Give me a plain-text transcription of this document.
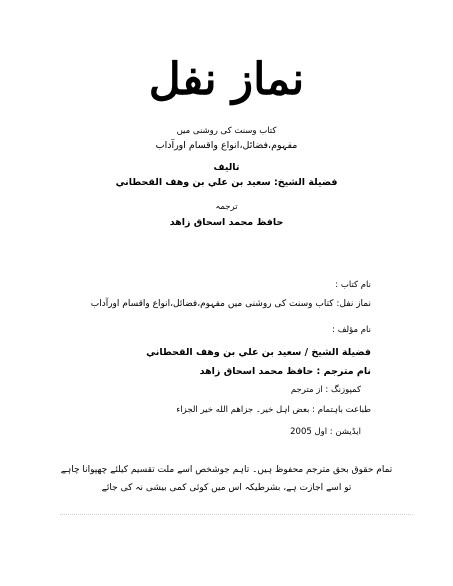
نماز نفل
کتاب وسنت کی روشنی میں
مفہوم،فضائل،انواع واقسام اورآداب
تالیف
فضيلة الشيخ: سعيد بن علي بن وهف القحطاني
ترجمہ
حافظ محمد اسحاق زاهد
نام کتاب :
نماز نفل: کتاب وسنت کی روشنی میں مفہوم،فضائل،انواع واقسام اورآداب
نام مؤلف :
فضيلة الشيخ / سعيد بن علي بن وهف القحطاني
نام مترجم : حافظ محمد اسحاق زاهد
کمپوزنگ : از مترجم
طباعت باہتمام : بعض اہل خیر۔ جزاهم الله خير الجزاء
ایڈیشن : اول 2005
تمام حقوق بحق مترجم محفوظ ہیں۔ تاہم جوشخص اسے ملت تقسیم کیلئے چھپوانا چاہے
تو اسے اجازت ہے، بشرطیکہ اس میں کوئی کمی بیشی نہ کی جائے
